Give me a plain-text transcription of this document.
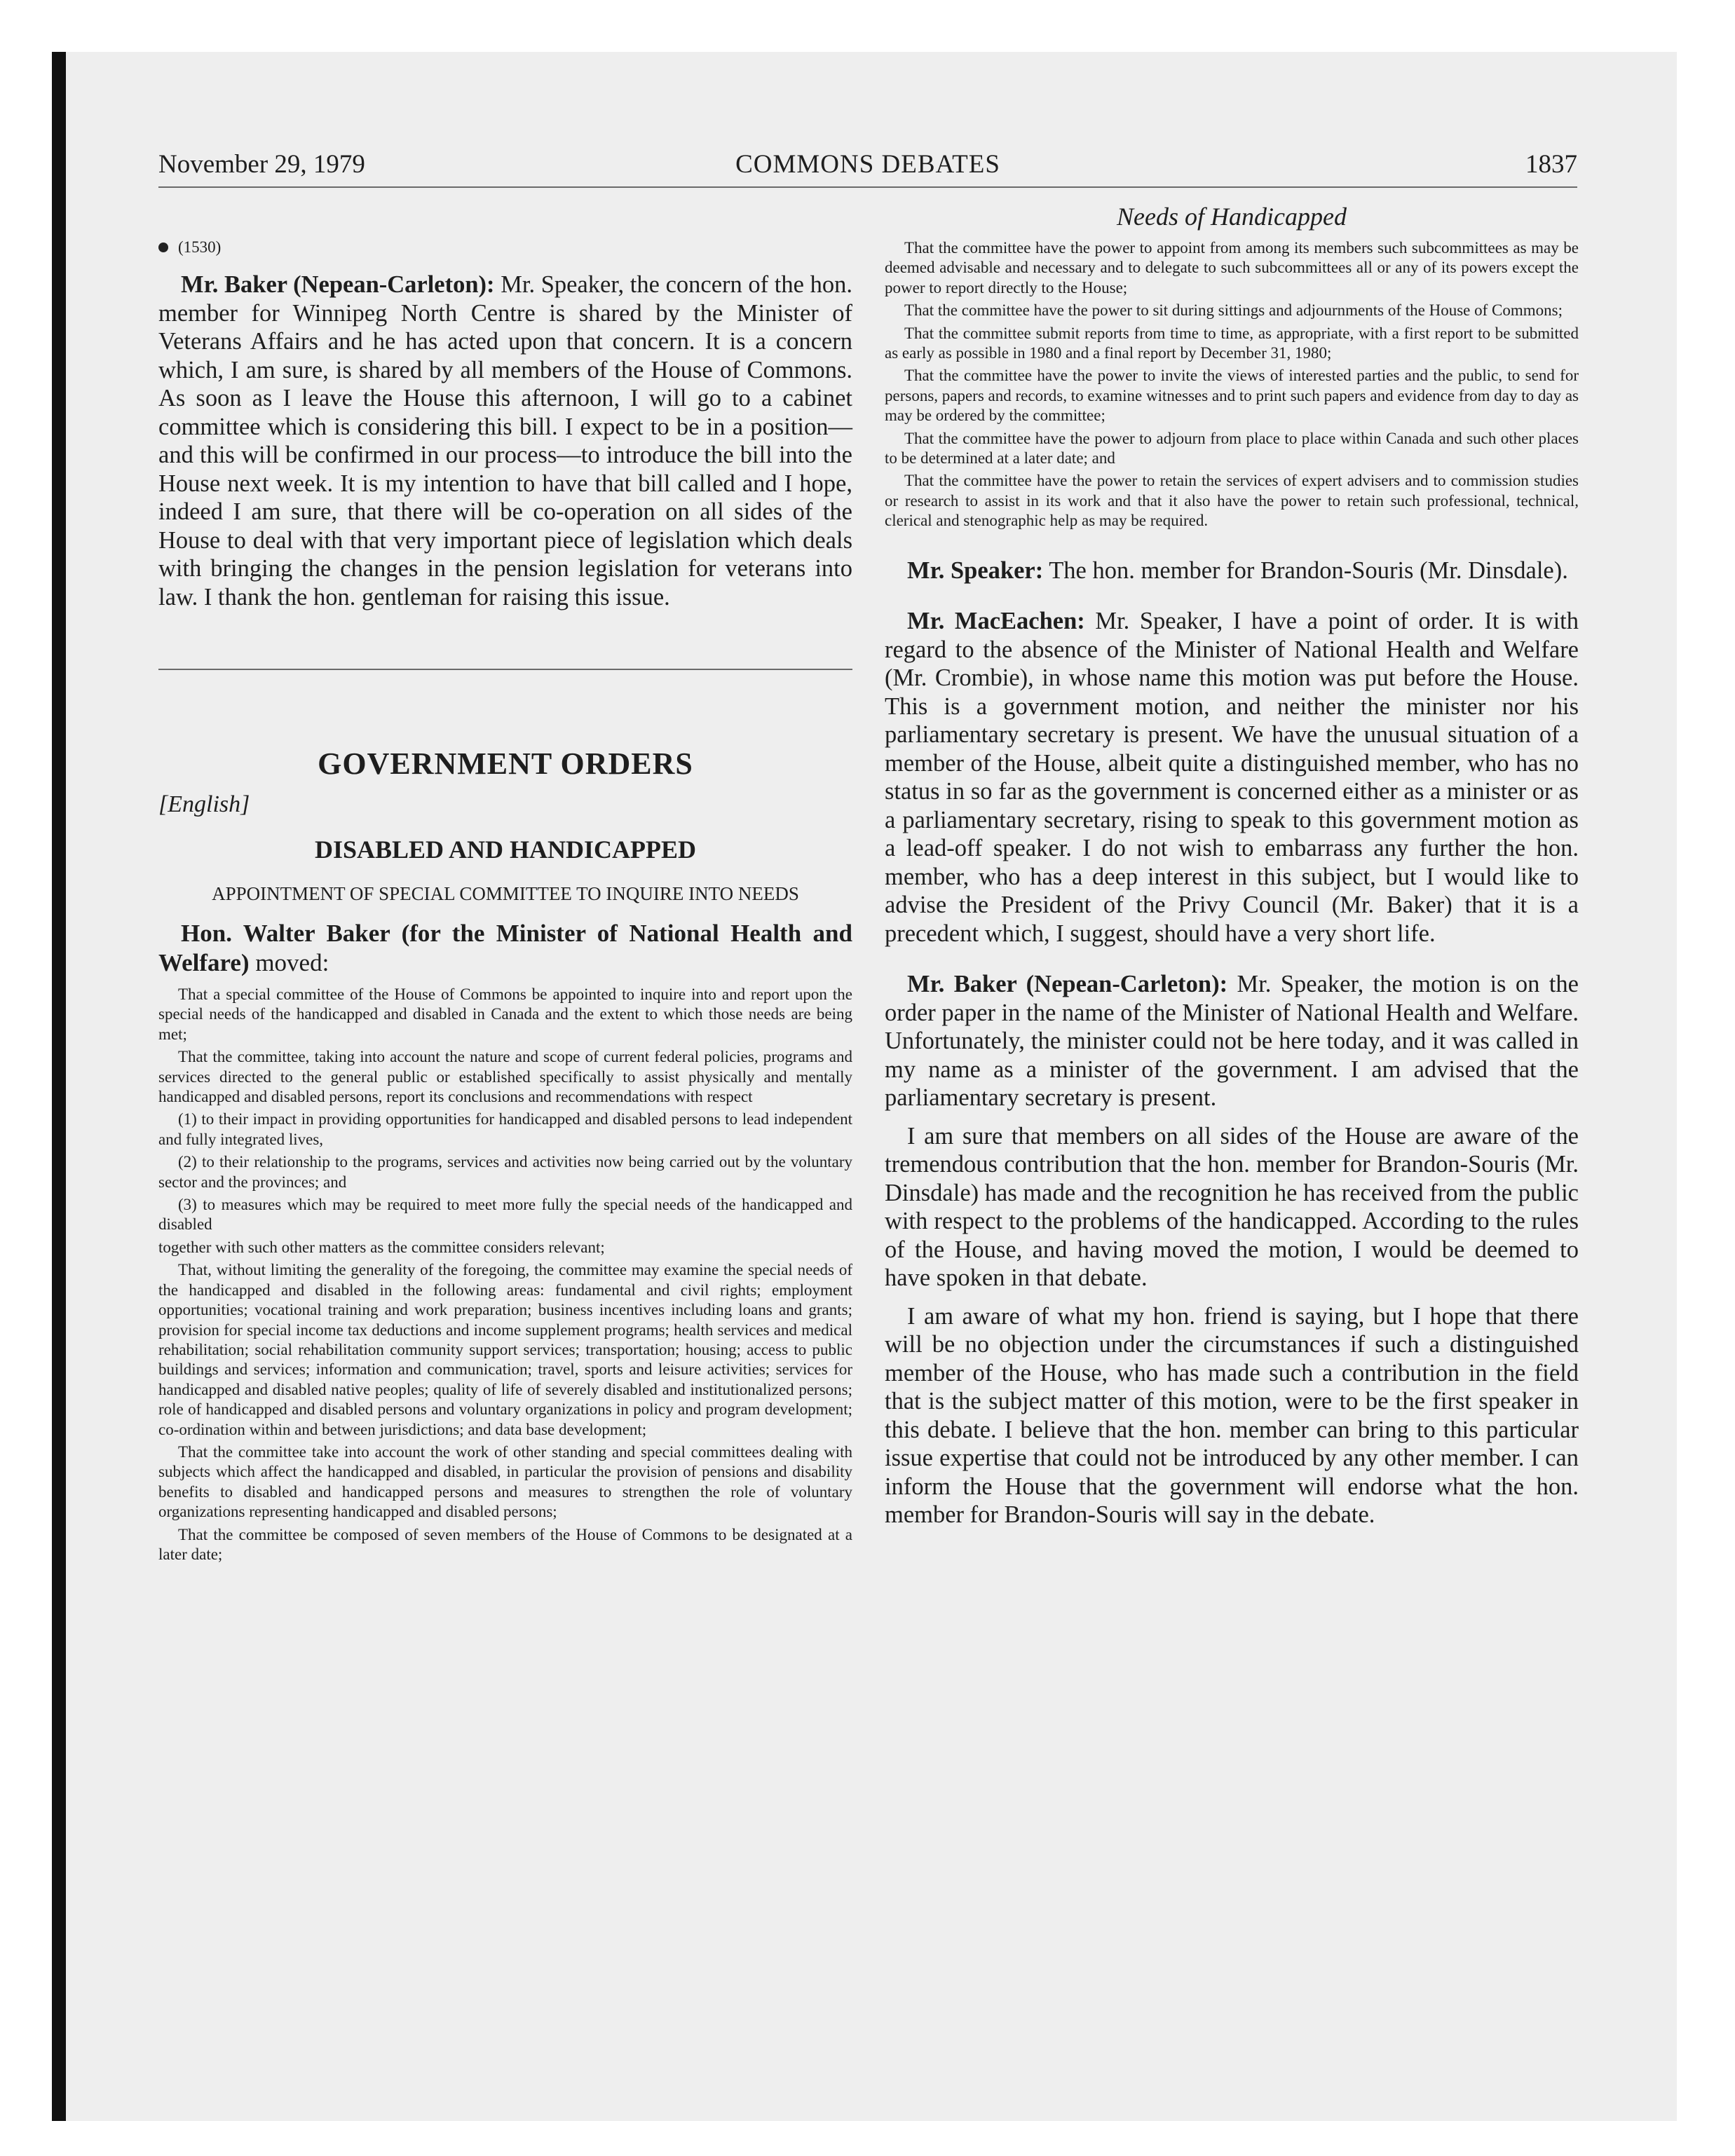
November 29, 1979	COMMONS DEBATES	1837
(1530)

Mr. Baker (Nepean-Carleton): Mr. Speaker, the concern of the hon. member for Winnipeg North Centre is shared by the Minister of Veterans Affairs and he has acted upon that concern. It is a concern which, I am sure, is shared by all members of the House of Commons. As soon as I leave the House this afternoon, I will go to a cabinet committee which is considering this bill. I expect to be in a position—and this will be confirmed in our process—to introduce the bill into the House next week. It is my intention to have that bill called and I hope, indeed I am sure, that there will be co-operation on all sides of the House to deal with that very important piece of legislation which deals with bringing the changes in the pension legislation for veterans into law. I thank the hon. gentleman for raising this issue.

GOVERNMENT ORDERS
[English]
DISABLED AND HANDICAPPED
APPOINTMENT OF SPECIAL COMMITTEE TO INQUIRE INTO NEEDS

Hon. Walter Baker (for the Minister of National Health and Welfare) moved:

That a special committee of the House of Commons be appointed to inquire into and report upon the special needs of the handicapped and disabled in Canada and the extent to which those needs are being met;

That the committee, taking into account the nature and scope of current federal policies, programs and services directed to the general public or established specifically to assist physically and mentally handicapped and disabled persons, report its conclusions and recommendations with respect

(1) to their impact in providing opportunities for handicapped and disabled persons to lead independent and fully integrated lives,

(2) to their relationship to the programs, services and activities now being carried out by the voluntary sector and the provinces; and

(3) to measures which may be required to meet more fully the special needs of the handicapped and disabled

together with such other matters as the committee considers relevant;

That, without limiting the generality of the foregoing, the committee may examine the special needs of the handicapped and disabled in the following areas: fundamental and civil rights; employment opportunities; vocational training and work preparation; business incentives including loans and grants; provision for special income tax deductions and income supplement programs; health services and medical rehabilitation; social rehabilitation community support services; transportation; housing; access to public buildings and services; information and communication; travel, sports and leisure activities; services for handicapped and disabled native peoples; quality of life of severely disabled and institutionalized persons; role of handicapped and disabled persons and voluntary organizations in policy and program development; co-ordination within and between jurisdictions; and data base development;

That the committee take into account the work of other standing and special committees dealing with subjects which affect the handicapped and disabled, in particular the provision of pensions and disability benefits to disabled and handicapped persons and measures to strengthen the role of voluntary organizations representing handicapped and disabled persons;

That the committee be composed of seven members of the House of Commons to be designated at a later date;

Needs of Handicapped

That the committee have the power to appoint from among its members such subcommittees as may be deemed advisable and necessary and to delegate to such subcommittees all or any of its powers except the power to report directly to the House;

That the committee have the power to sit during sittings and adjournments of the House of Commons;

That the committee submit reports from time to time, as appropriate, with a first report to be submitted as early as possible in 1980 and a final report by December 31, 1980;

That the committee have the power to invite the views of interested parties and the public, to send for persons, papers and records, to examine witnesses and to print such papers and evidence from day to day as may be ordered by the committee;

That the committee have the power to adjourn from place to place within Canada and such other places to be determined at a later date; and

That the committee have the power to retain the services of expert advisers and to commission studies or research to assist in its work and that it also have the power to retain such professional, technical, clerical and stenographic help as may be required.

Mr. Speaker: The hon. member for Brandon-Souris (Mr. Dinsdale).

Mr. MacEachen: Mr. Speaker, I have a point of order. It is with regard to the absence of the Minister of National Health and Welfare (Mr. Crombie), in whose name this motion was put before the House. This is a government motion, and neither the minister nor his parliamentary secretary is present. We have the unusual situation of a member of the House, albeit quite a distinguished member, who has no status in so far as the government is concerned either as a minister or as a parliamentary secretary, rising to speak to this government motion as a lead-off speaker. I do not wish to embarrass any further the hon. member, who has a deep interest in this subject, but I would like to advise the President of the Privy Council (Mr. Baker) that it is a precedent which, I suggest, should have a very short life.

Mr. Baker (Nepean-Carleton): Mr. Speaker, the motion is on the order paper in the name of the Minister of National Health and Welfare. Unfortunately, the minister could not be here today, and it was called in my name as a minister of the government. I am advised that the parliamentary secretary is present.

I am sure that members on all sides of the House are aware of the tremendous contribution that the hon. member for Brandon-Souris (Mr. Dinsdale) has made and the recognition he has received from the public with respect to the problems of the handicapped. According to the rules of the House, and having moved the motion, I would be deemed to have spoken in that debate.

I am aware of what my hon. friend is saying, but I hope that there will be no objection under the circumstances if such a distinguished member of the House, who has made such a contribution in the field that is the subject matter of this motion, were to be the first speaker in this debate. I believe that the hon. member can bring to this particular issue expertise that could not be introduced by any other member. I can inform the House that the government will endorse what the hon. member for Brandon-Souris will say in the debate.
